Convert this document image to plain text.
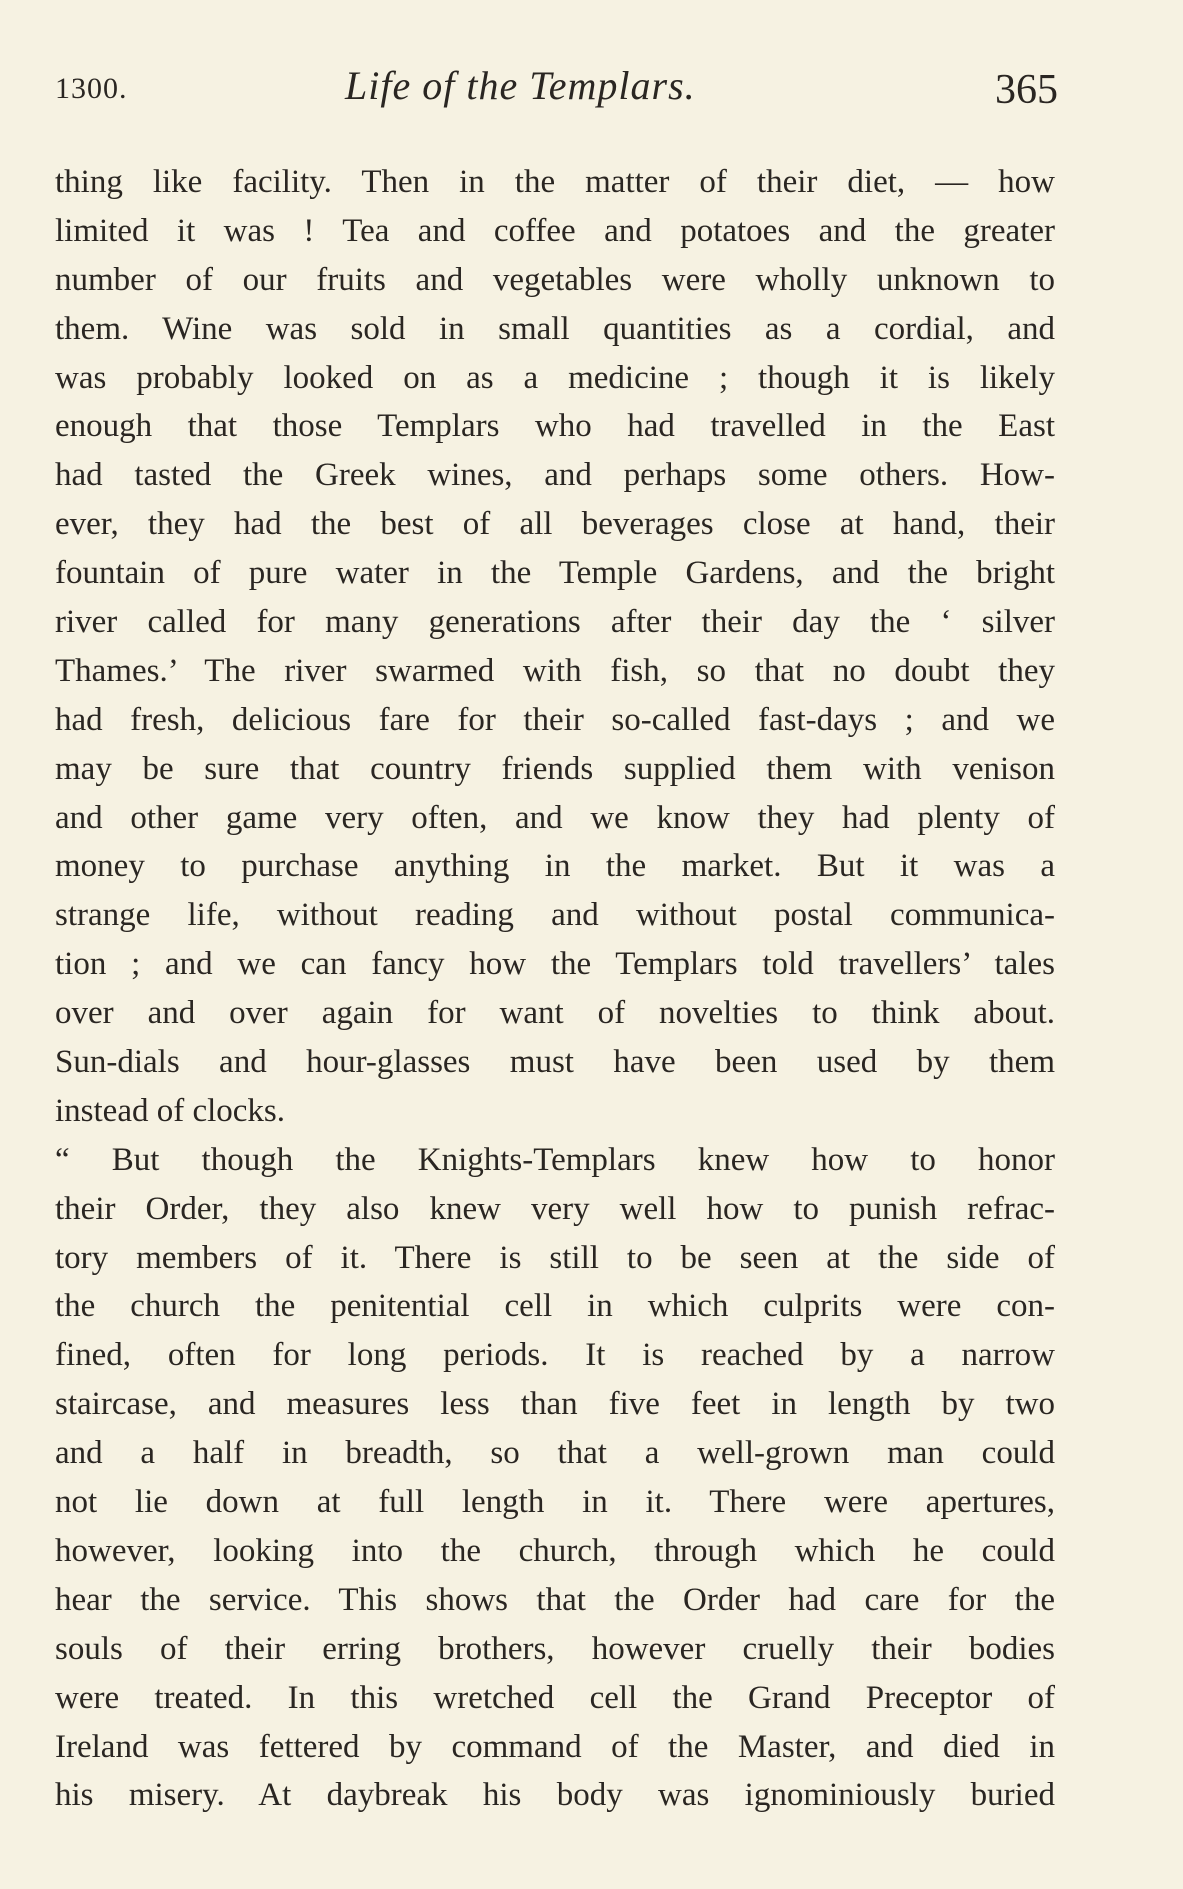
1300.	Life of the Templars.	365
thing like facility. Then in the matter of their diet, — how
limited it was ! Tea and coffee and potatoes and the greater
number of our fruits and vegetables were wholly unknown to
them. Wine was sold in small quantities as a cordial, and
was probably looked on as a medicine ; though it is likely
enough that those Templars who had travelled in the East
had tasted the Greek wines, and perhaps some others. How-
ever, they had the best of all beverages close at hand, their
fountain of pure water in the Temple Gardens, and the bright
river called for many generations after their day the ‘ silver
Thames.’ The river swarmed with fish, so that no doubt they
had fresh, delicious fare for their so-called fast-days ; and we
may be sure that country friends supplied them with venison
and other game very often, and we know they had plenty of
money to purchase anything in the market. But it was a
strange life, without reading and without postal communica-
tion ; and we can fancy how the Templars told travellers’ tales
over and over again for want of novelties to think about.
Sun-dials and hour-glasses must have been used by them
instead of clocks.
“ But though the Knights-Templars knew how to honor
their Order, they also knew very well how to punish refrac-
tory members of it. There is still to be seen at the side of
the church the penitential cell in which culprits were con-
fined, often for long periods. It is reached by a narrow
staircase, and measures less than five feet in length by two
and a half in breadth, so that a well-grown man could
not lie down at full length in it. There were apertures,
however, looking into the church, through which he could
hear the service. This shows that the Order had care for the
souls of their erring brothers, however cruelly their bodies
were treated. In this wretched cell the Grand Preceptor of
Ireland was fettered by command of the Master, and died in
his misery. At daybreak his body was ignominiously buried
